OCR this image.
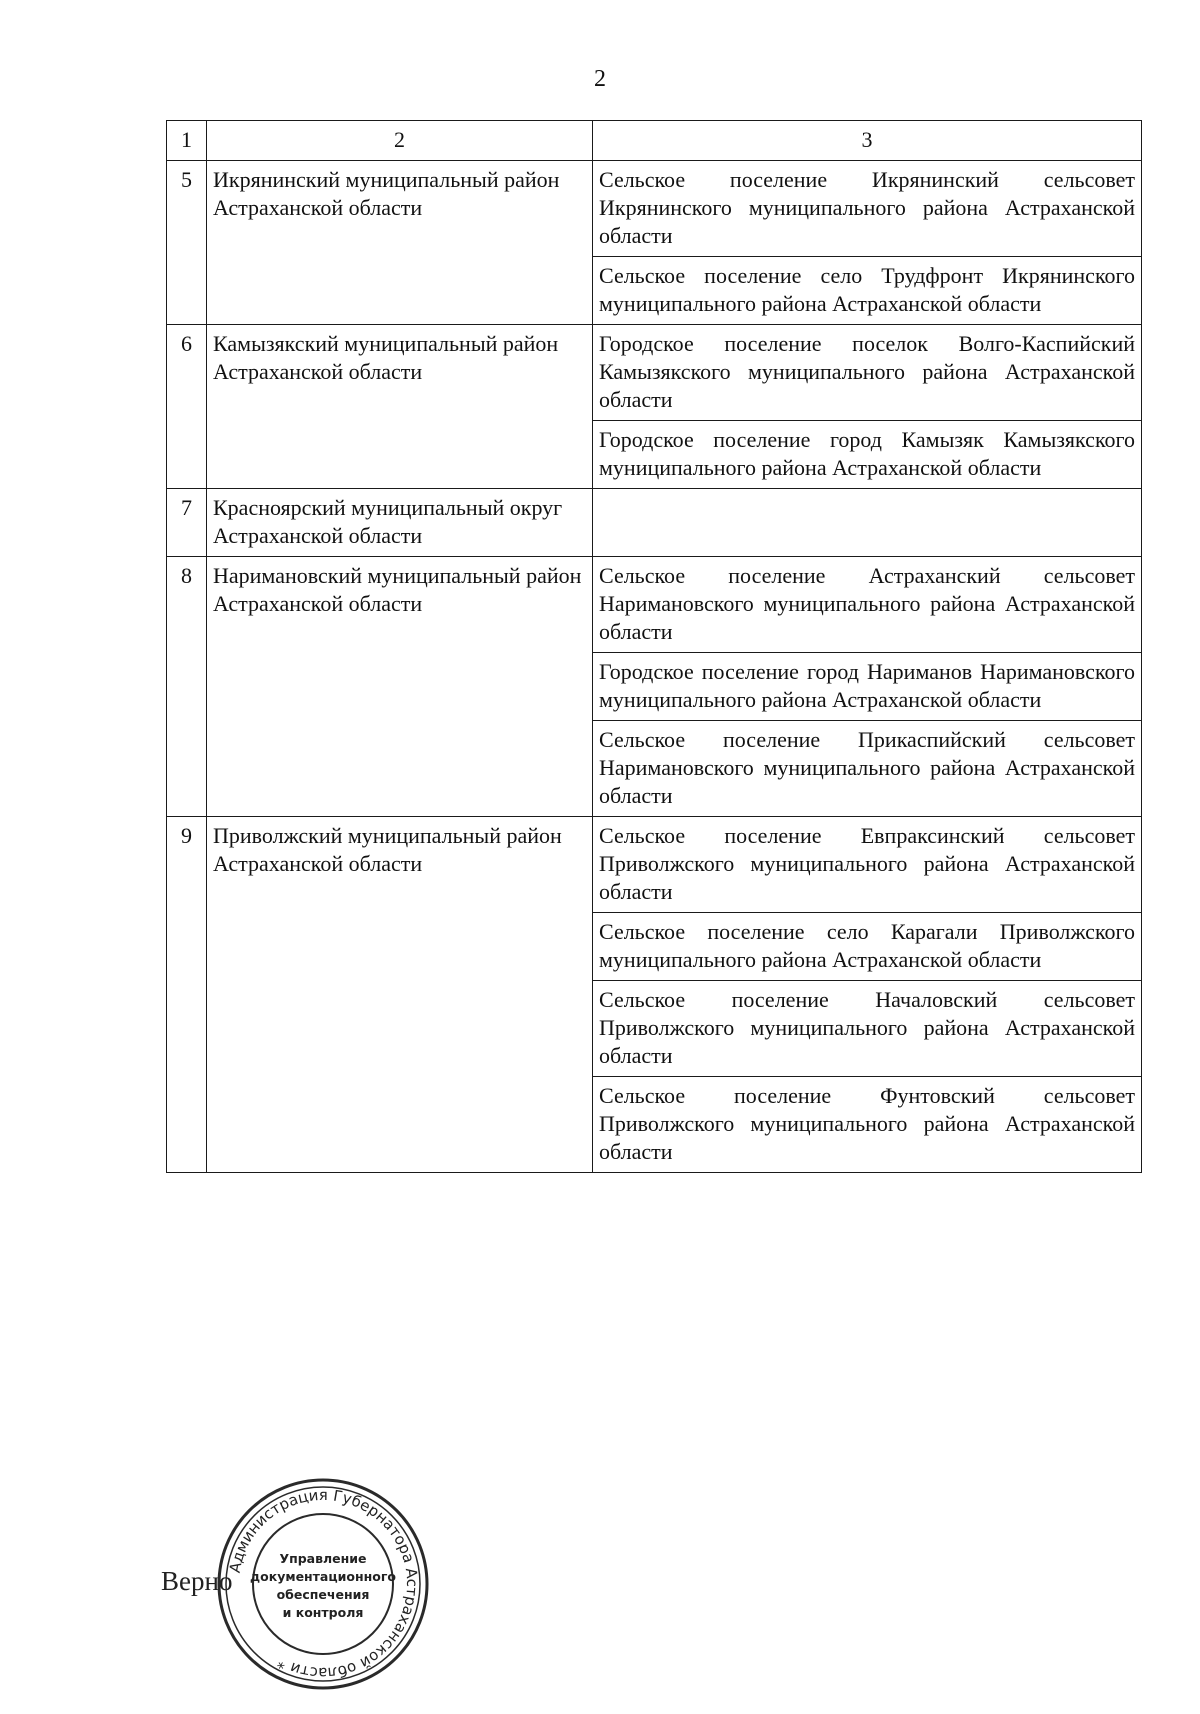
2
1	2	3
5	Икрянинский муниципальный район Астраханской области	Сельское поселение Икрянинский сельсовет Икрянинского муниципального района Астраханской области
		Сельское поселение село Трудфронт Икрянинского муниципального района Астраханской области
6	Камызякский муниципальный район Астраханской области	Городское поселение поселок Волго-Каспийский Камызякского муниципального района Астраханской области
		Городское поселение город Камызяк Камызякского муниципального района Астраханской области
7	Красноярский муниципальный округ Астраханской области	
8	Наримановский муниципальный район Астраханской области	Сельское поселение Астраханский сельсовет Наримановского муниципального района Астраханской области
		Городское поселение город Нариманов Наримановского муниципального района Астраханской области
		Сельское поселение Прикаспийский сельсовет Наримановского муниципального района Астраханской области
9	Приволжский муниципальный район Астраханской области	Сельское поселение Евпраксинский сельсовет Приволжского муниципального района Астраханской области
		Сельское поселение село Карагали Приволжского муниципального района Астраханской области
		Сельское поселение Началовский сельсовет Приволжского муниципального района Астраханской области
		Сельское поселение Фунтовский сельсовет Приволжского муниципального района Астраханской области
Верно
Администрация Губернатора Астраханской области *
Управление
документационного
обеспечения
и контроля
